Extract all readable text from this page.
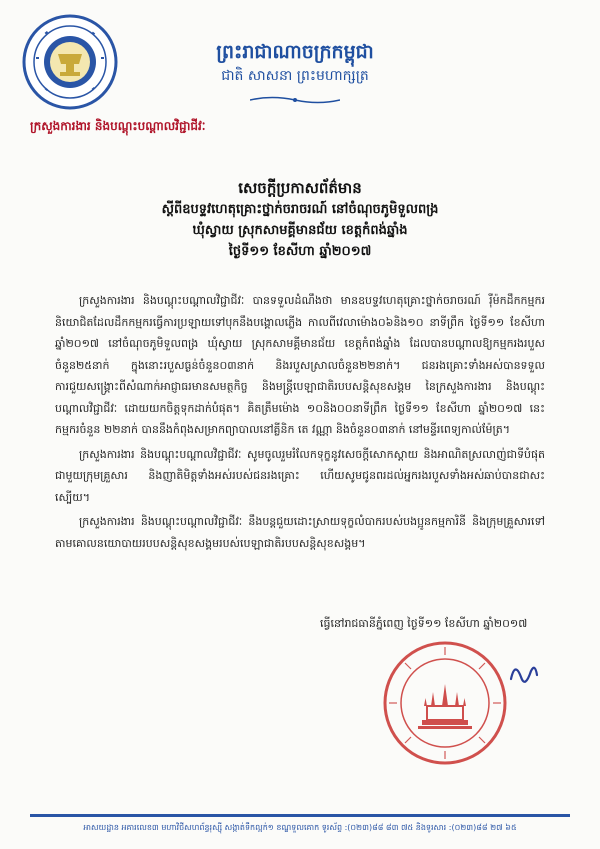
ព្រះរាជាណាចក្រកម្ពុជា
ជាតិ សាសនា ព្រះមហាក្សត្រ
ក្រសួងការងារ និងបណ្ដុះបណ្ដាលវិជ្ជាជីវៈ
សេចក្តីប្រកាសព័ត៌មាន
ស្តីពីឧបទ្ទវហេតុគ្រោះថ្នាក់ចរាចរណ៍ នៅចំណុចភូមិទួលពង្រ
ឃុំស្វាយ ស្រុកសាមគ្គីមានជ័យ ខេត្តកំពង់ឆ្នាំង
ថ្ងៃទី១១ ខែសីហា ឆ្នាំ២០១៧

ក្រសួងការងារ និងបណ្ដុះបណ្ដាលវិជ្ជាជីវៈ បានទទួលដំណឹងថា មានឧបទ្ទវហេតុគ្រោះថ្នាក់ចរាចរណ៍ រ៉ឺម៉កដឹកកម្មករនិយោជិតដែលដឹកកម្មករធ្វើការប្រឡាយទៅបុកនឹងបង្គោលភ្លើង កាលពីវេលាម៉ោង០៦និង១០ នាទីព្រឹក ថ្ងៃទី១១ ខែសីហា ឆ្នាំ២០១៧ នៅចំណុចភូមិទួលពង្រ ឃុំស្វាយ ស្រុកសាមគ្គីមានជ័យ ខេត្តកំពង់ឆ្នាំង ដែលបានបណ្ដាលឱ្យកម្មករងរបួស ចំនួន២៥នាក់ ក្នុងនោះរបួសធ្ងន់ចំនួន០៣នាក់ និងរបួសស្រាលចំនួន២២នាក់។ ជនរងគ្រោះទាំងអស់បានទទួលការជួយសង្គ្រោះពីសំណាក់អាជ្ញាធរមានសមត្ថកិច្ច និងមន្ត្រីបេឡាជាតិរបបសន្តិសុខសង្គម នៃក្រសួងការងារ និងបណ្ដុះបណ្ដាលវិជ្ជាជីវៈ ដោយយកចិត្តទុកដាក់បំផុត។ គិតត្រឹមម៉ោង ១០និង០០នាទីព្រឹក ថ្ងៃទី១១ ខែសីហា ឆ្នាំ២០១៧ នេះ កម្មករចំនួន ២២នាក់ បាននឹងកំពុងសម្រាកព្យាបាលនៅគ្លីនិក តេ វណ្ណា និងចំនួន០៣នាក់ នៅមន្ទីរពេទ្យកាល់ម៉ែត្រ។

ក្រសួងការងារ និងបណ្ដុះបណ្ដាលវិជ្ជាជីវៈ សូមចូលរួមរំលែកទុក្ខនូវសេចក្តីសោកស្តាយ និងអាណិតស្រលាញ់ជាទីបំផុតជាមួយក្រុមគ្រួសារ និងញាតិមិត្តទាំងអស់របស់ជនរងគ្រោះ ហើយសូមជូនពរដល់អ្នករងរបួសទាំងអស់ឆាប់បានជាសះស្បើយ។

ក្រសួងការងារ និងបណ្ដុះបណ្ដាលវិជ្ជាជីវៈ នឹងបន្តជួយដោះស្រាយទុក្ខលំបាករបស់បងប្អូនកម្មការិនី និងក្រុមគ្រួសារទៅតាមគោលនយោបាយរបបសន្តិសុខសង្គមរបស់បេឡាជាតិរបបសន្តិសុខសង្គម។

ធ្វើនៅរាជធានីភ្នំពេញ ថ្ងៃទី១១ ខែសីហា ឆ្នាំ២០១៧
អាសយដ្ឋាន អគារលេខ៣ មហាវិថីសហព័ន្ធរុស្ស៊ី សង្កាត់ទឹកល្អក់១ ខណ្ឌទួលគោក ទូរស័ព្ទ :(០២៣)៨៨ ៨៣ ៧៥ និងទូរសារ :(០២៣)៨៨ ២៧ ៦៥
